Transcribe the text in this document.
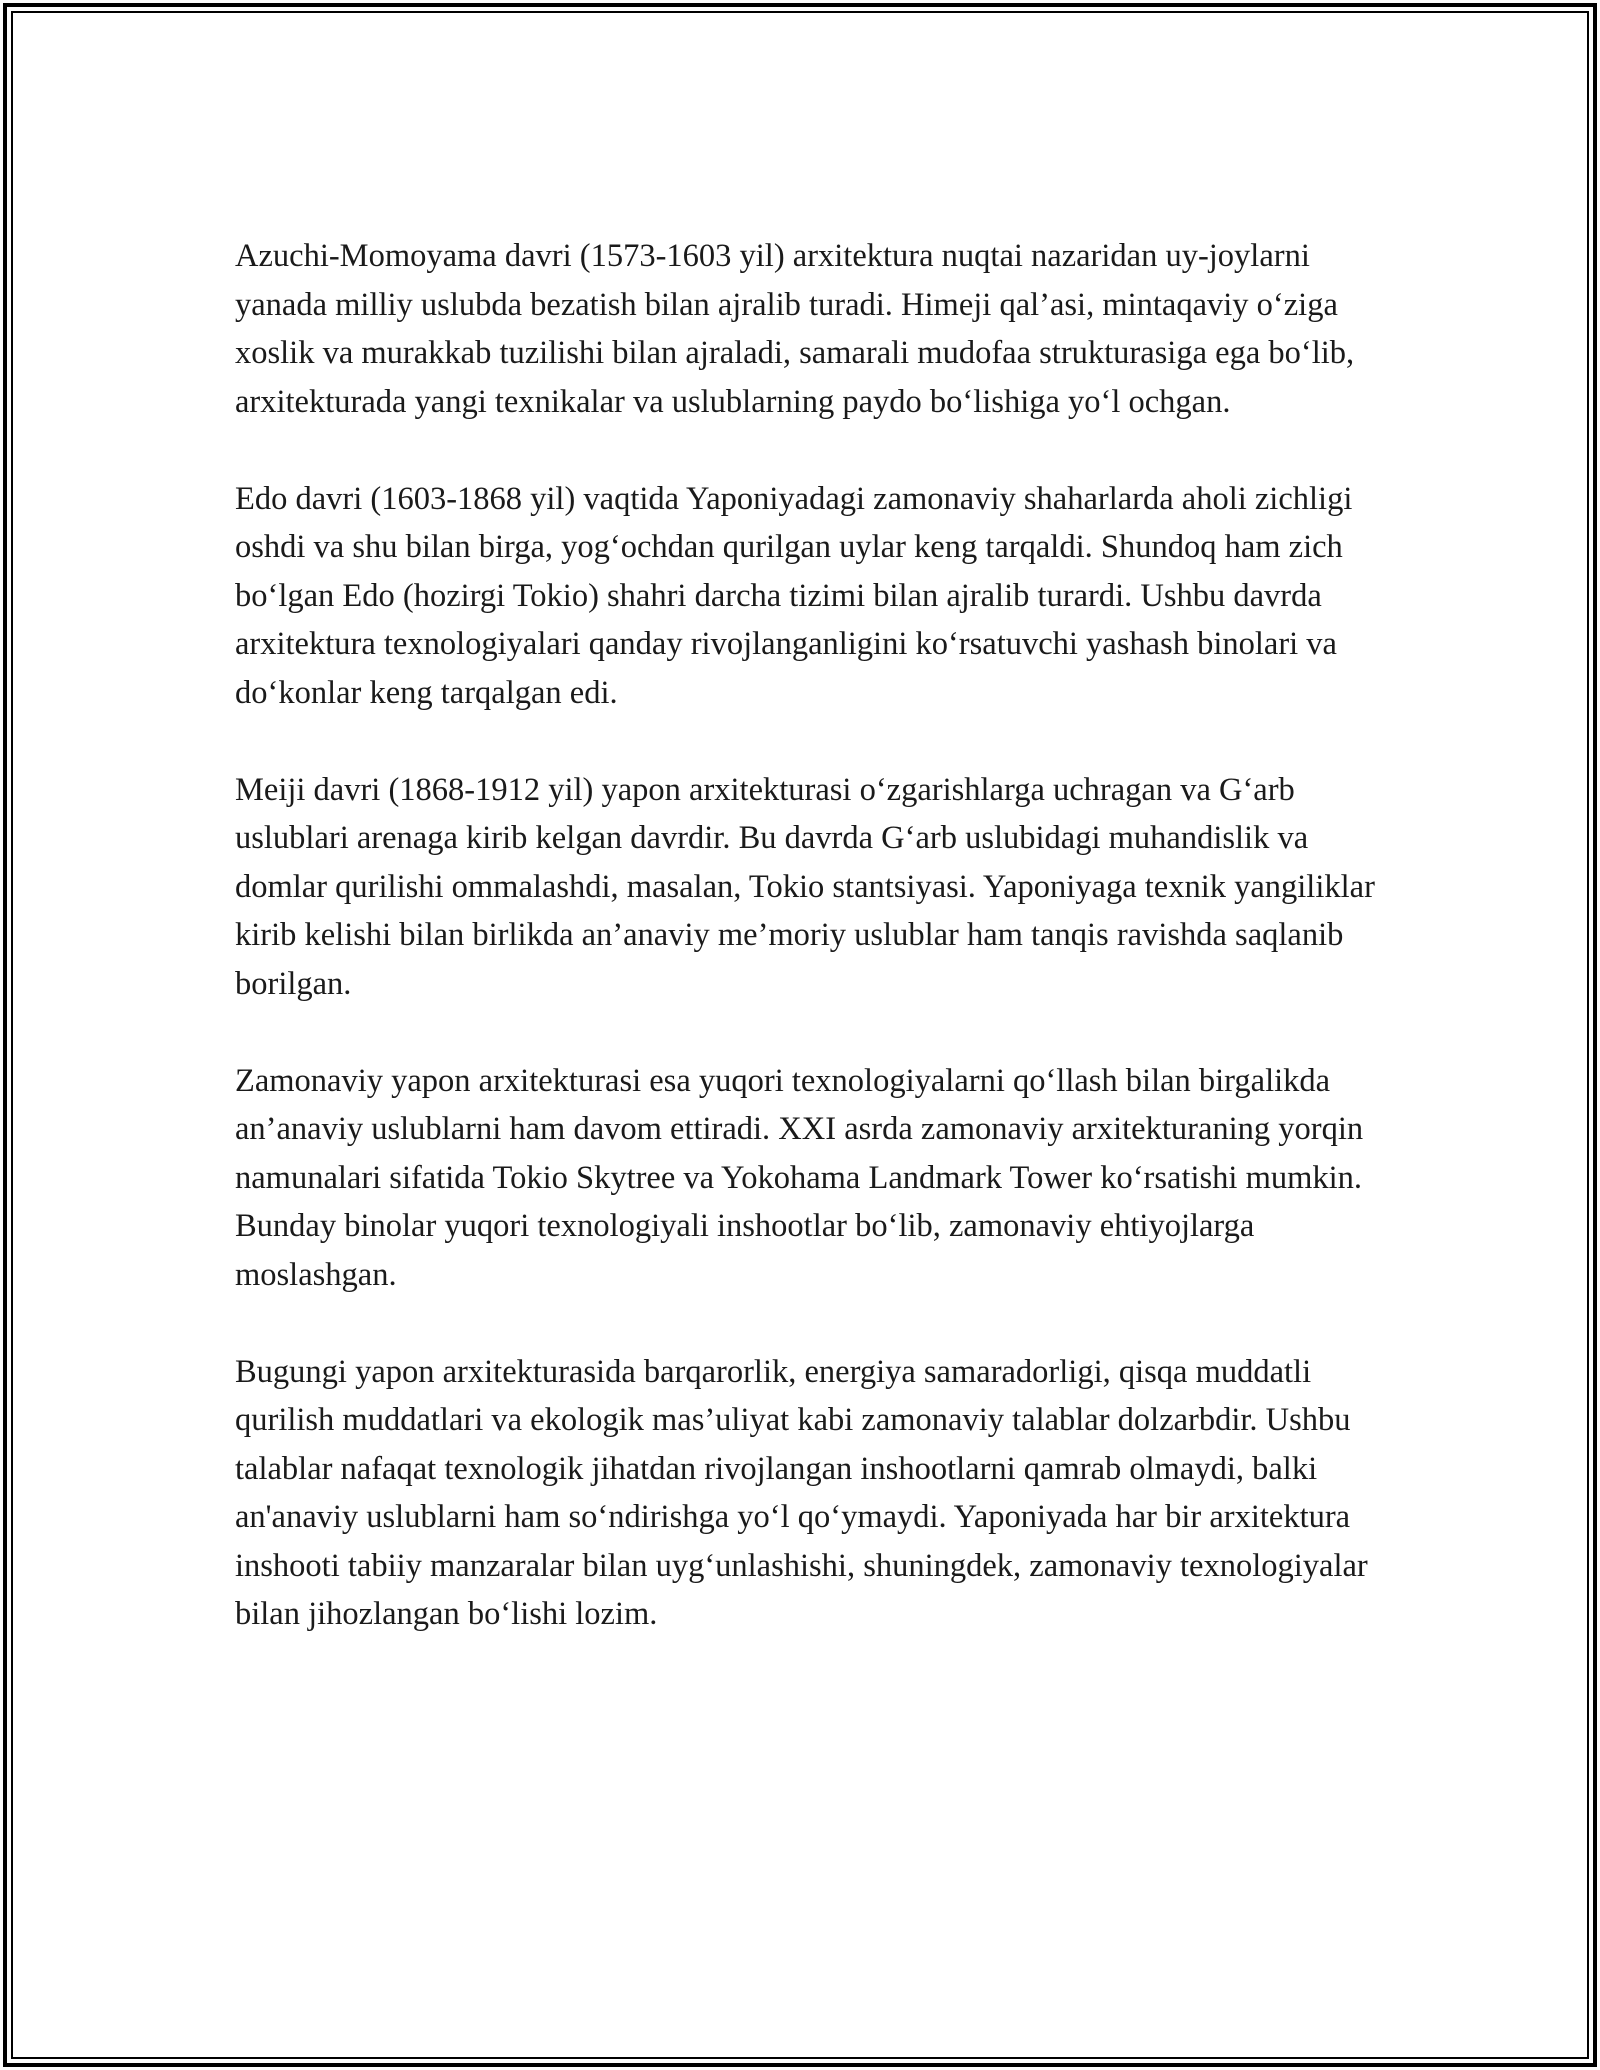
Azuchi-Momoyama davri (1573-1603 yil) arxitektura nuqtai nazaridan uy-joylarni yanada milliy uslubda bezatish bilan ajralib turadi. Himeji qal’asi, mintaqaviy o‘ziga xoslik va murakkab tuzilishi bilan ajraladi, samarali mudofaa strukturasiga ega bo‘lib, arxitekturada yangi texnikalar va uslublarning paydo bo‘lishiga yo‘l ochgan.

Edo davri (1603-1868 yil) vaqtida Yaponiyadagi zamonaviy shaharlarda aholi zichligi oshdi va shu bilan birga, yog‘ochdan qurilgan uylar keng tarqaldi. Shundoq ham zich bo‘lgan Edo (hozirgi Tokio) shahri darcha tizimi bilan ajralib turardi. Ushbu davrda arxitektura texnologiyalari qanday rivojlanganligini ko‘rsatuvchi yashash binolari va do‘konlar keng tarqalgan edi.

Meiji davri (1868-1912 yil) yapon arxitekturasi o‘zgarishlarga uchragan va G‘arb uslublari arenaga kirib kelgan davrdir. Bu davrda G‘arb uslubidagi muhandislik va domlar qurilishi ommalashdi, masalan, Tokio stantsiyasi. Yaponiyaga texnik yangiliklar kirib kelishi bilan birlikda an’anaviy me’moriy uslublar ham tanqis ravishda saqlanib borilgan.

Zamonaviy yapon arxitekturasi esa yuqori texnologiyalarni qo‘llash bilan birgalikda an’anaviy uslublarni ham davom ettiradi. XXI asrda zamonaviy arxitekturaning yorqin namunalari sifatida Tokio Skytree va Yokohama Landmark Tower ko‘rsatishi mumkin. Bunday binolar yuqori texnologiyali inshootlar bo‘lib, zamonaviy ehtiyojlarga moslashgan.

Bugungi yapon arxitekturasida barqarorlik, energiya samaradorligi, qisqa muddatli qurilish muddatlari va ekologik mas’uliyat kabi zamonaviy talablar dolzarbdir. Ushbu talablar nafaqat texnologik jihatdan rivojlangan inshootlarni qamrab olmaydi, balki an'anaviy uslublarni ham so‘ndirishga yo‘l qo‘ymaydi. Yaponiyada har bir arxitektura inshooti tabiiy manzaralar bilan uyg‘unlashishi, shuningdek, zamonaviy texnologiyalar bilan jihozlangan bo‘lishi lozim.
